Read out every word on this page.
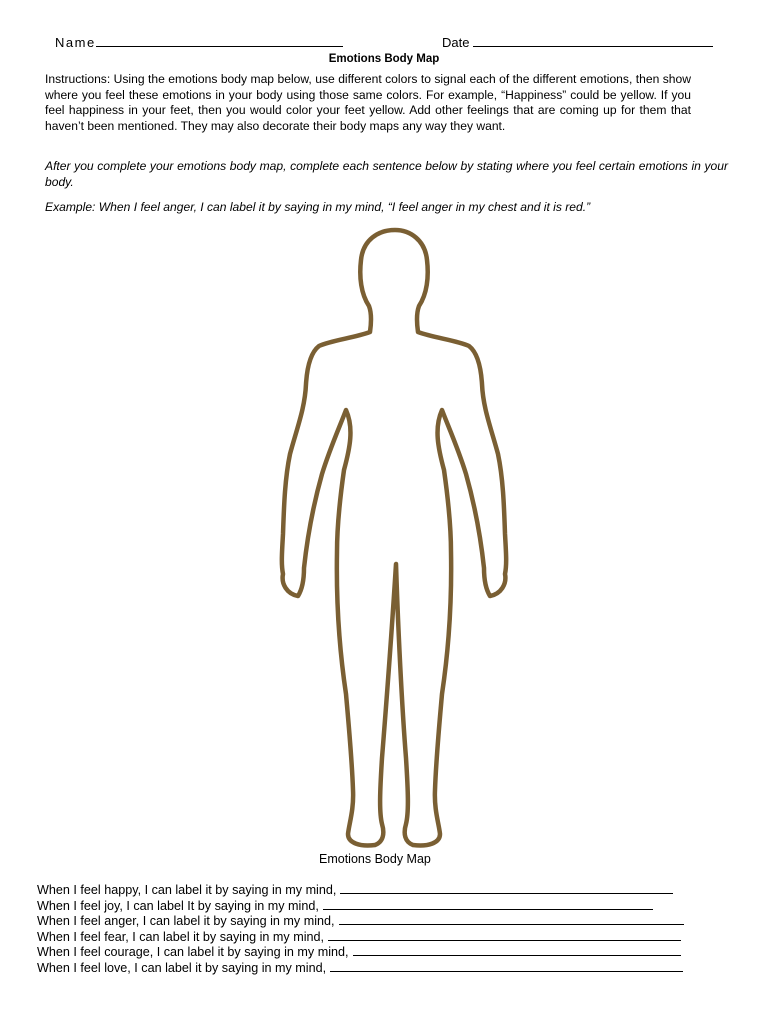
Name	Date
Emotions Body Map

Instructions: Using the emotions body map below, use different colors to signal each of the different emotions, then show where you feel these emotions in your body using those same colors. For example, “Happiness” could be yellow. If you feel happiness in your feet, then you would color your feet yellow. Add other feelings that are coming up for them that haven’t been mentioned. They may also decorate their body maps any way they want.

After you complete your emotions body map, complete each sentence below by stating where you feel certain emotions in your body.

Example: When I feel anger, I can label it by saying in my mind, “I feel anger in my chest and it is red.”

Emotions Body Map
When I feel happy, I can label it by saying in my mind,
When I feel joy, I can label It by saying in my mind,
When I feel anger, I can label it by saying in my mind,
When I feel fear, I can label it by saying in my mind,
When I feel courage, I can label it by saying in my mind,
When I feel love, I can label it by saying in my mind,
